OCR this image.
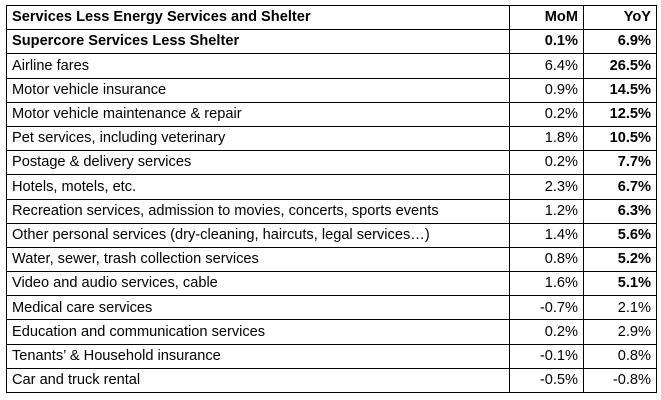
Services Less Energy Services and Shelter	MoM	YoY
Supercore Services Less Shelter	0.1%	6.9%
Airline fares	6.4%	26.5%
Motor vehicle insurance	0.9%	14.5%
Motor vehicle maintenance & repair	0.2%	12.5%
Pet services, including veterinary	1.8%	10.5%
Postage & delivery services	0.2%	7.7%
Hotels, motels, etc.	2.3%	6.7%
Recreation services, admission to movies, concerts, sports events	1.2%	6.3%
Other personal services (dry-cleaning, haircuts, legal services…)	1.4%	5.6%
Water, sewer, trash collection services	0.8%	5.2%
Video and audio services, cable	1.6%	5.1%
Medical care services	-0.7%	2.1%
Education and communication services	0.2%	2.9%
Tenants’ & Household insurance	-0.1%	0.8%
Car and truck rental	-0.5%	-0.8%
